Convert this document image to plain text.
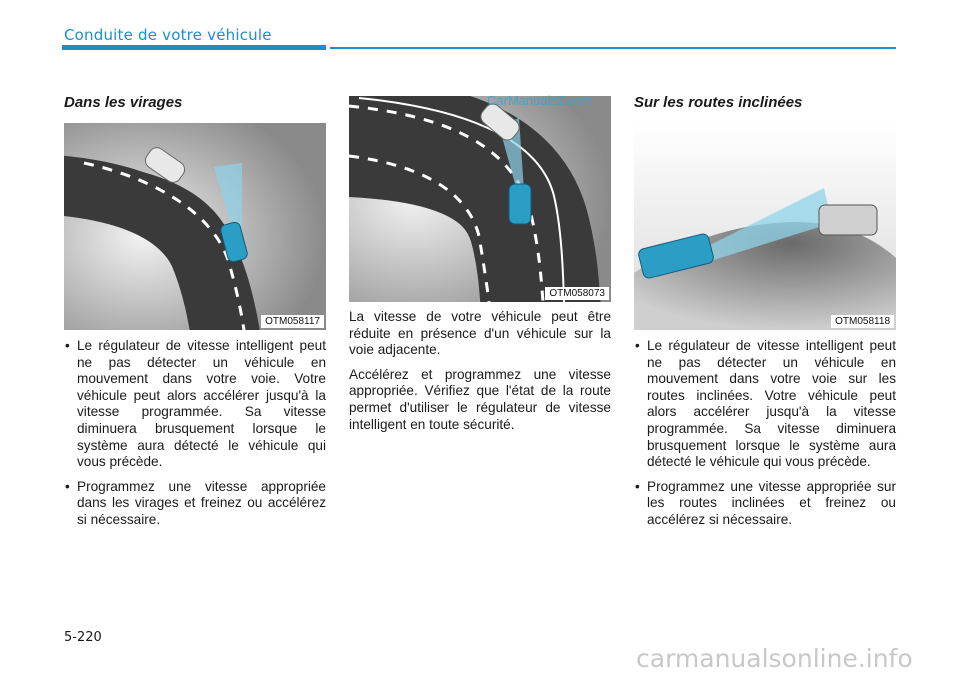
Conduite de votre véhicule
Dans les virages
OTM058117
• Le régulateur de vitesse intelligent peut ne pas détecter un véhicule en mouvement dans votre voie. Votre véhicule peut alors accélérer jusqu'à la vitesse programmée. Sa vitesse diminuera brusquement lorsque le système aura détecté le véhicule qui vous précède.
• Programmez une vitesse appropriée dans les virages et freinez ou accélérez si nécessaire.
OTM058073
CarManuals2.com

La vitesse de votre véhicule peut être réduite en présence d'un véhicule sur la voie adjacente.

Accélérez et programmez une vitesse appropriée. Vérifiez que l'état de la route permet d'utiliser le régulateur de vitesse intelligent en toute sécurité.

Sur les routes inclinées
OTM058118
• Le régulateur de vitesse intelligent peut ne pas détecter un véhicule en mouvement dans votre voie sur les routes inclinées. Votre véhicule peut alors accélérer jusqu'à la vitesse programmée. Sa vitesse diminuera brusquement lorsque le système aura détecté le véhicule qui vous précède.
• Programmez une vitesse appropriée sur les routes inclinées et freinez ou accélérez si nécessaire.
5-220
carmanualsonline.info
